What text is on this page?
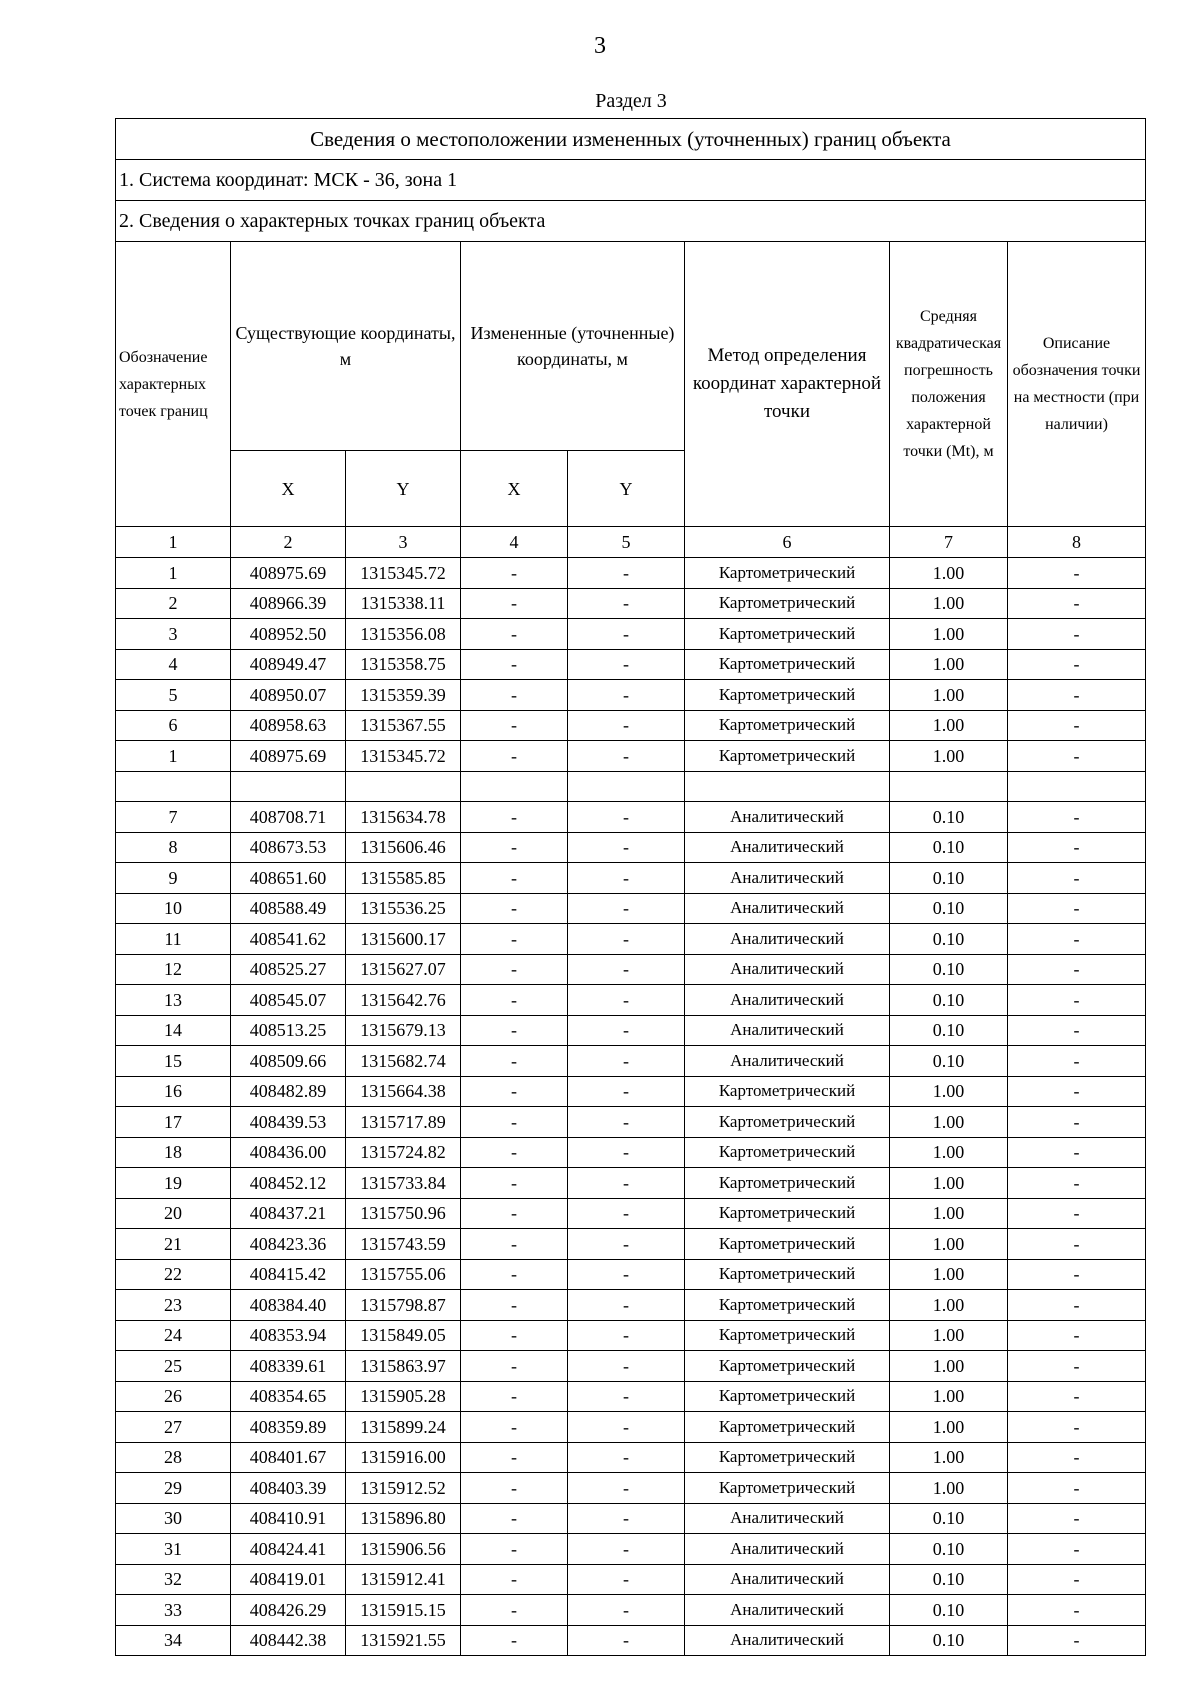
3
Раздел 3
Сведения о местоположении измененных (уточненных) границ объекта							
1. Система координат: МСК - 36, зона 1							
2. Сведения о характерных точках границ объекта							
Обозначение характерных точек границ	Существующие координаты, м		Измененные (уточненные) координаты, м		Метод определения координат характерной точки	Средняя квадратическая погрешность положения характерной точки (Mt), м	Описание обозначения точки на местности (при наличии)
	X	Y	X	Y			
1	2	3	4	5	6	7	8
1	408975.69	1315345.72	-	-	Картометрический	1.00	-
2	408966.39	1315338.11	-	-	Картометрический	1.00	-
3	408952.50	1315356.08	-	-	Картометрический	1.00	-
4	408949.47	1315358.75	-	-	Картометрический	1.00	-
5	408950.07	1315359.39	-	-	Картометрический	1.00	-
6	408958.63	1315367.55	-	-	Картометрический	1.00	-
1	408975.69	1315345.72	-	-	Картометрический	1.00	-

7	408708.71	1315634.78	-	-	Аналитический	0.10	-
8	408673.53	1315606.46	-	-	Аналитический	0.10	-
9	408651.60	1315585.85	-	-	Аналитический	0.10	-
10	408588.49	1315536.25	-	-	Аналитический	0.10	-
11	408541.62	1315600.17	-	-	Аналитический	0.10	-
12	408525.27	1315627.07	-	-	Аналитический	0.10	-
13	408545.07	1315642.76	-	-	Аналитический	0.10	-
14	408513.25	1315679.13	-	-	Аналитический	0.10	-
15	408509.66	1315682.74	-	-	Аналитический	0.10	-
16	408482.89	1315664.38	-	-	Картометрический	1.00	-
17	408439.53	1315717.89	-	-	Картометрический	1.00	-
18	408436.00	1315724.82	-	-	Картометрический	1.00	-
19	408452.12	1315733.84	-	-	Картометрический	1.00	-
20	408437.21	1315750.96	-	-	Картометрический	1.00	-
21	408423.36	1315743.59	-	-	Картометрический	1.00	-
22	408415.42	1315755.06	-	-	Картометрический	1.00	-
23	408384.40	1315798.87	-	-	Картометрический	1.00	-
24	408353.94	1315849.05	-	-	Картометрический	1.00	-
25	408339.61	1315863.97	-	-	Картометрический	1.00	-
26	408354.65	1315905.28	-	-	Картометрический	1.00	-
27	408359.89	1315899.24	-	-	Картометрический	1.00	-
28	408401.67	1315916.00	-	-	Картометрический	1.00	-
29	408403.39	1315912.52	-	-	Картометрический	1.00	-
30	408410.91	1315896.80	-	-	Аналитический	0.10	-
31	408424.41	1315906.56	-	-	Аналитический	0.10	-
32	408419.01	1315912.41	-	-	Аналитический	0.10	-
33	408426.29	1315915.15	-	-	Аналитический	0.10	-
34	408442.38	1315921.55	-	-	Аналитический	0.10	-
